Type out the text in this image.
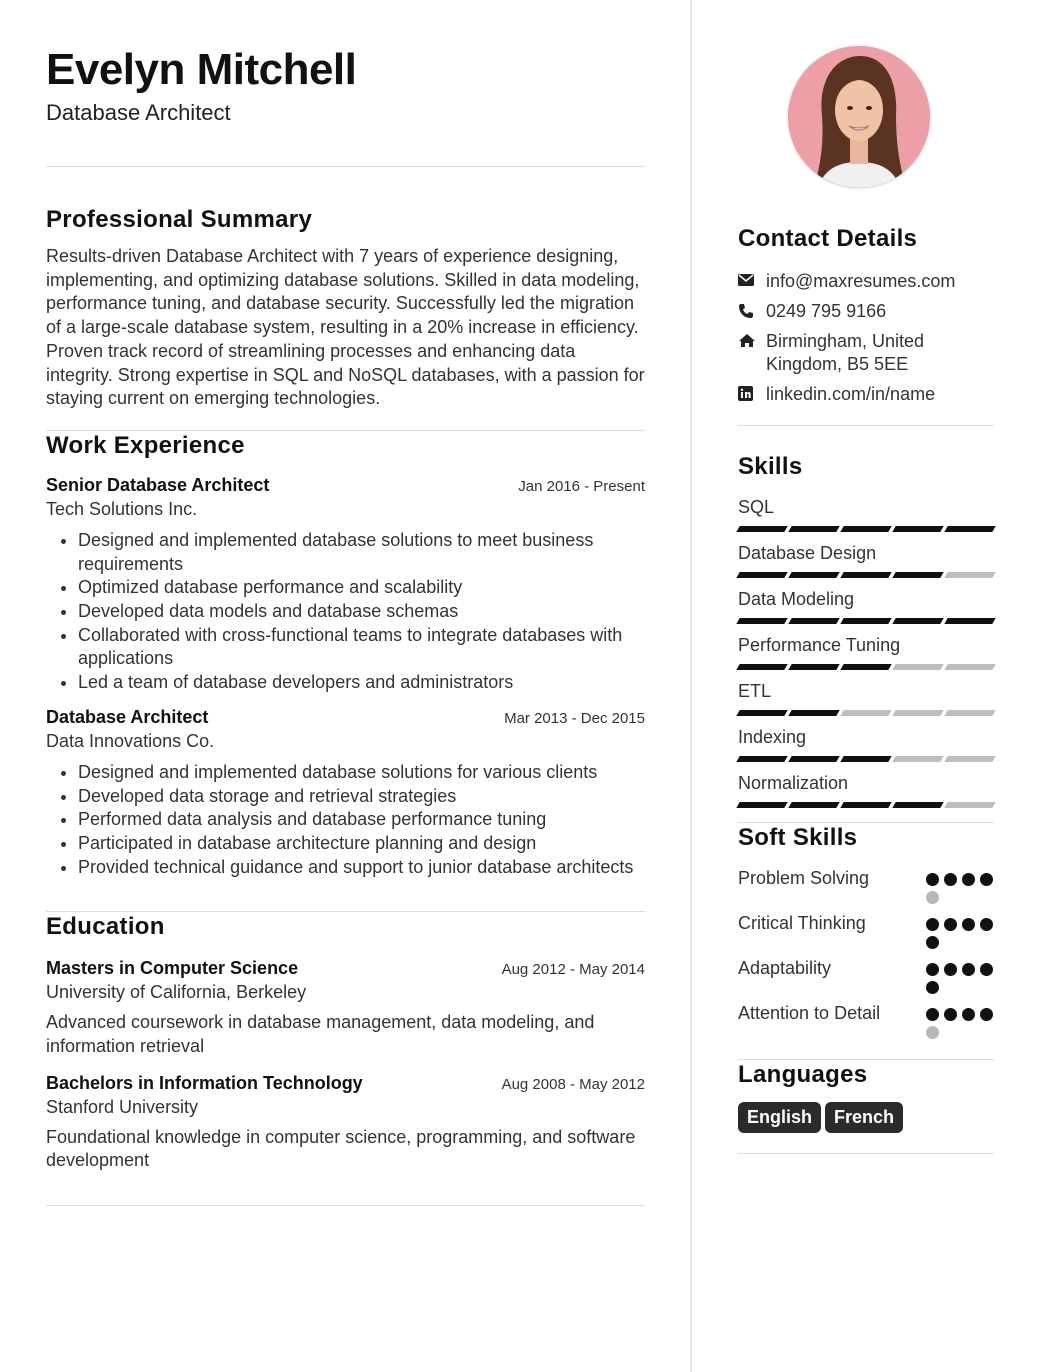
Evelyn Mitchell
Database Architect
Professional Summary
Results-driven Database Architect with 7 years of experience designing, implementing, and optimizing database solutions. Skilled in data modeling, performance tuning, and database security. Successfully led the migration of a large-scale database system, resulting in a 20% increase in efficiency. Proven track record of streamlining processes and enhancing data integrity. Strong expertise in SQL and NoSQL databases, with a passion for staying current on emerging technologies.
Work Experience
Senior Database Architect	Jan 2016 - Present
Tech Solutions Inc.
• Designed and implemented database solutions to meet business requirements
• Optimized database performance and scalability
• Developed data models and database schemas
• Collaborated with cross-functional teams to integrate databases with applications
• Led a team of database developers and administrators
Database Architect	Mar 2013 - Dec 2015
Data Innovations Co.
• Designed and implemented database solutions for various clients
• Developed data storage and retrieval strategies
• Performed data analysis and database performance tuning
• Participated in database architecture planning and design
• Provided technical guidance and support to junior database architects
Education
Masters in Computer Science	Aug 2012 - May 2014
University of California, Berkeley
Advanced coursework in database management, data modeling, and information retrieval
Bachelors in Information Technology	Aug 2008 - May 2012
Stanford University
Foundational knowledge in computer science, programming, and software development
Contact Details
info@maxresumes.com
0249 795 9166
Birmingham, United Kingdom, B5 5EE
linkedin.com/in/name
Skills
SQL
Database Design
Data Modeling
Performance Tuning
ETL
Indexing
Normalization
Soft Skills
Problem Solving
Critical Thinking
Adaptability
Attention to Detail
Languages
English French
